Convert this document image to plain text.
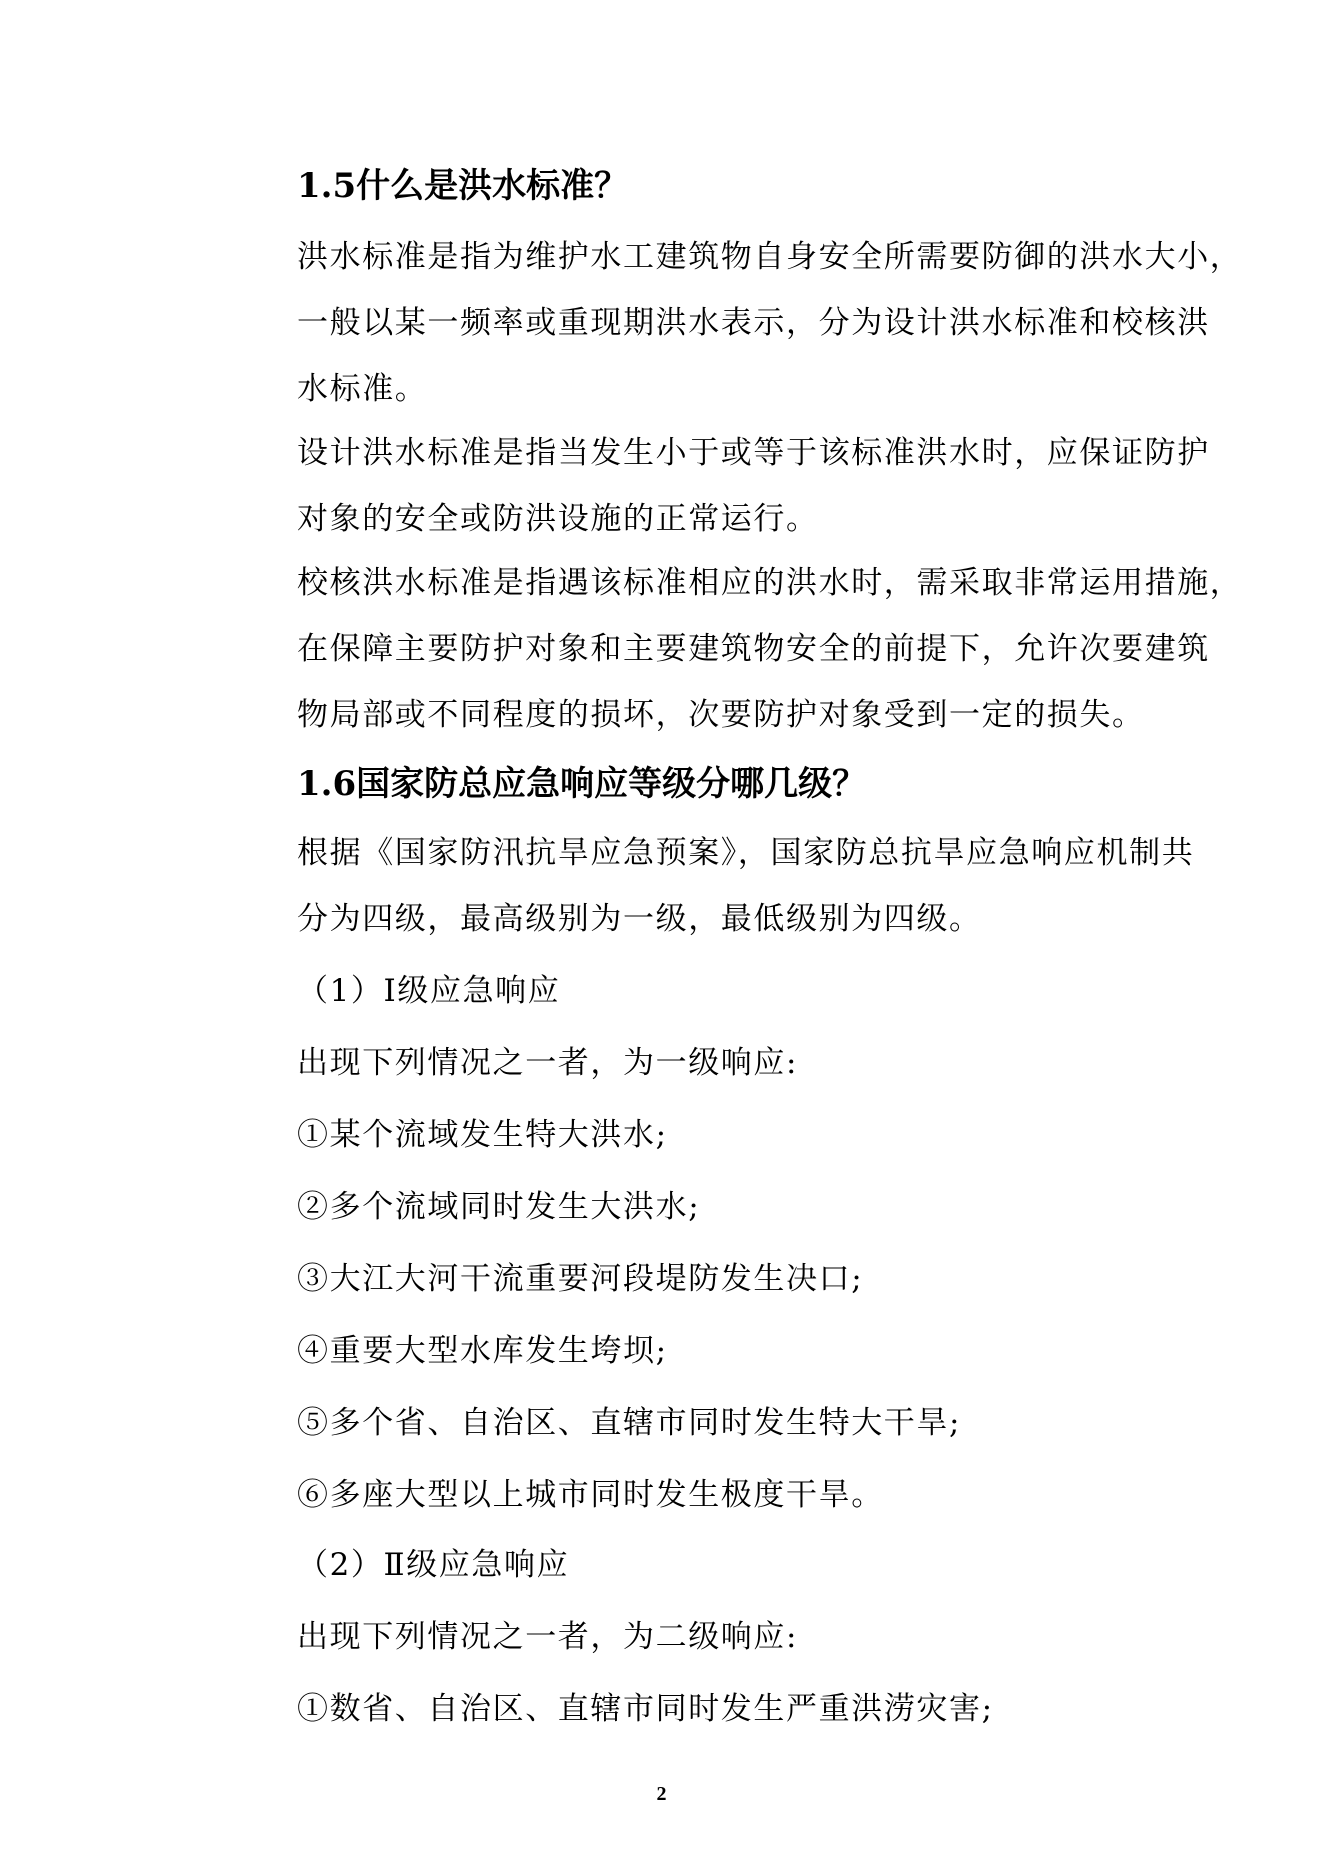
1.5什么是洪水标准？
洪水标准是指为维护水工建筑物自身安全所需要防御的洪水大小，
一般以某一频率或重现期洪水表示，分为设计洪水标准和校核洪
水标准。
设计洪水标准是指当发生小于或等于该标准洪水时，应保证防护
对象的安全或防洪设施的正常运行。
校核洪水标准是指遇该标准相应的洪水时，需采取非常运用措施，
在保障主要防护对象和主要建筑物安全的前提下，允许次要建筑
物局部或不同程度的损坏，次要防护对象受到一定的损失。
1.6国家防总应急响应等级分哪几级？
根据《国家防汛抗旱应急预案》，国家防总抗旱应急响应机制共
分为四级，最高级别为一级，最低级别为四级。
（1）Ⅰ级应急响应
出现下列情况之一者，为一级响应:
①某个流域发生特大洪水;
②多个流域同时发生大洪水;
③大江大河干流重要河段堤防发生决口;
④重要大型水库发生垮坝;
⑤多个省、自治区、直辖市同时发生特大干旱;
⑥多座大型以上城市同时发生极度干旱。
（2）Ⅱ级应急响应
出现下列情况之一者，为二级响应:
①数省、自治区、直辖市同时发生严重洪涝灾害;
2
